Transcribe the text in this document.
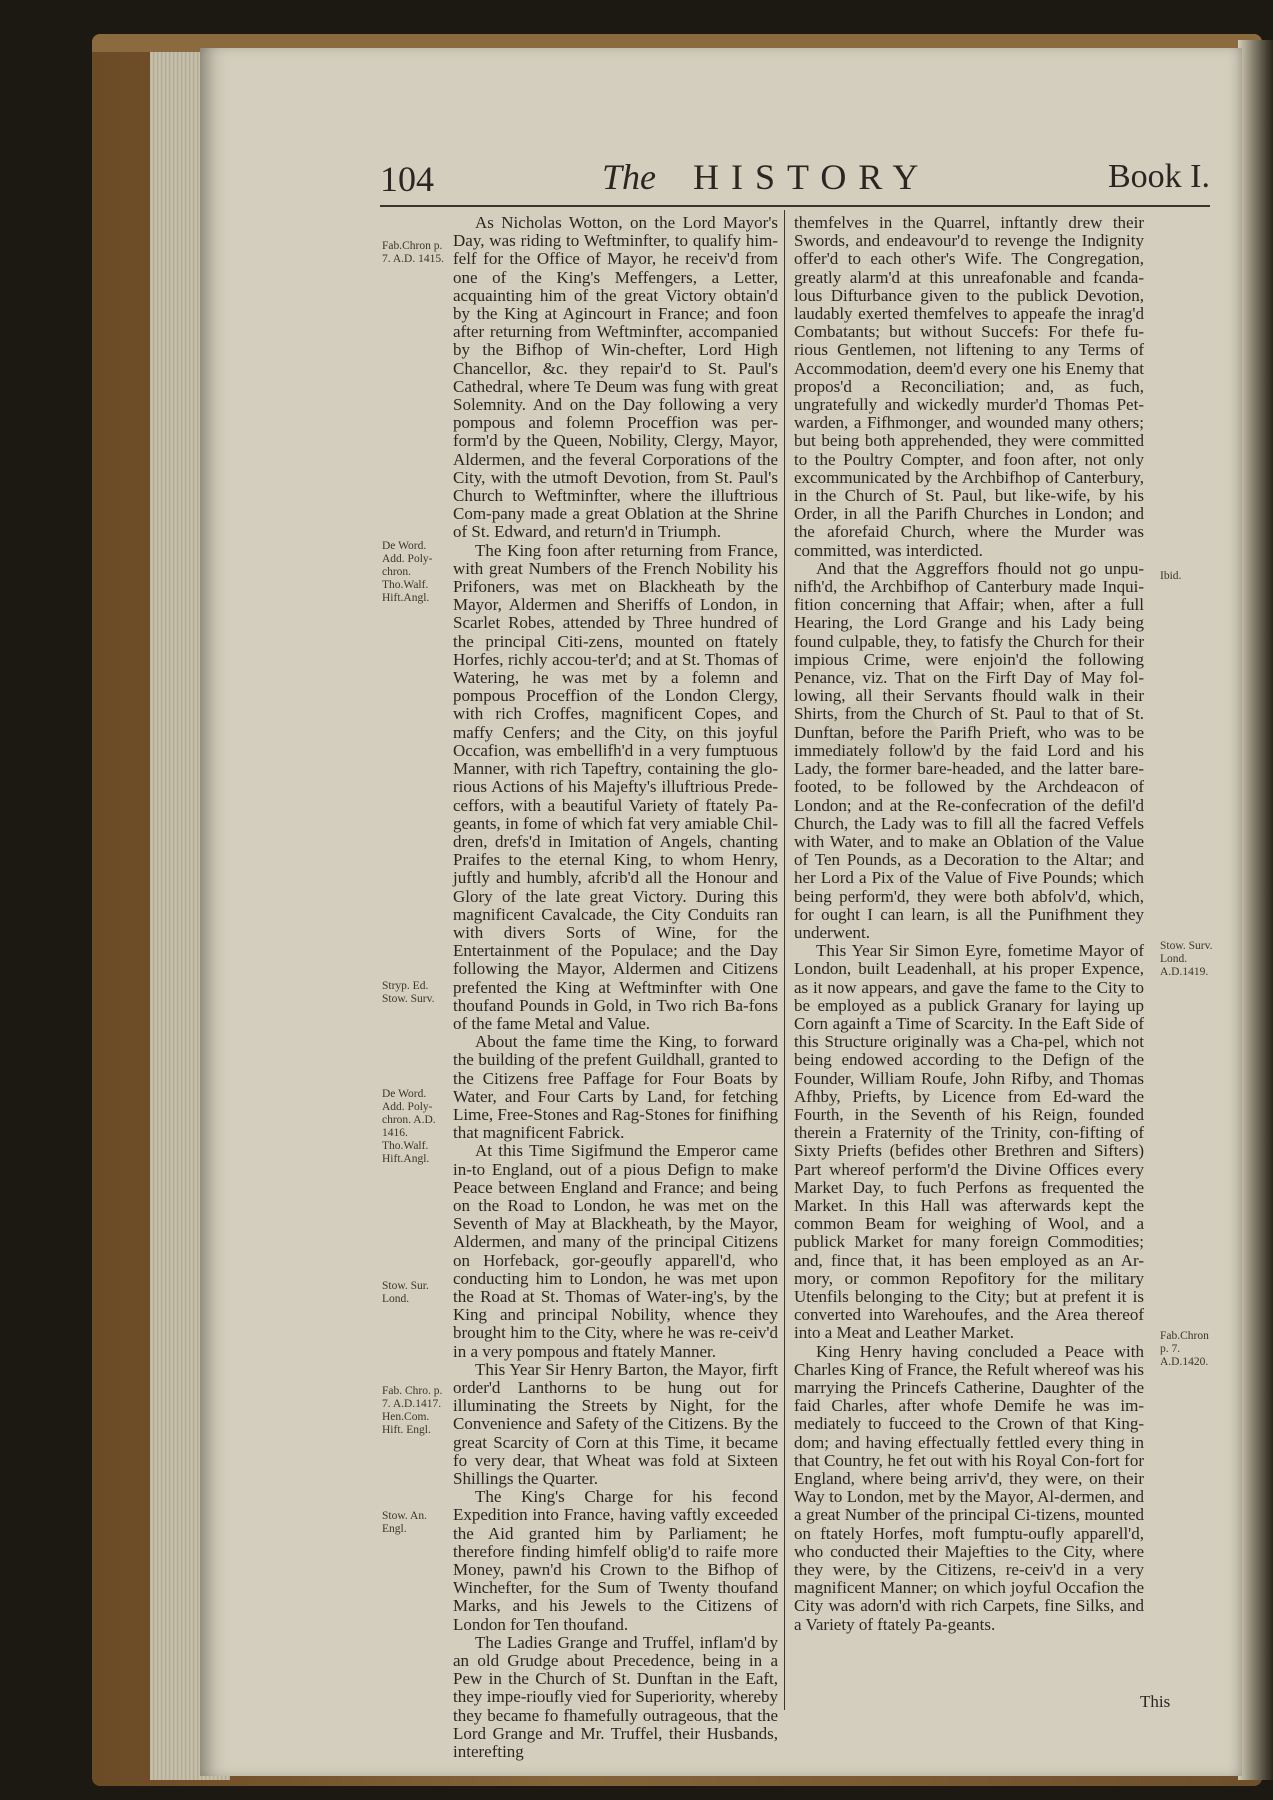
104	The HISTORY	Book I.
Fab.Chron p. 7. A.D. 1415.
De Word. Add. Poly- chron. Tho.Walf. Hift.Angl.
Stryp. Ed. Stow. Surv.
De Word. Add. Poly- chron. A.D. 1416. Tho.Walf. Hift.Angl.
Stow. Sur. Lond.
Fab. Chro. p. 7. A.D.1417. Hen.Com. Hift. Engl.
Stow. An. Engl.

As Nicholas Wotton, on the Lord Mayor's Day, was riding to Weftminfter, to qualify him-felf for the Office of Mayor, he receiv'd from one of the King's Meffengers, a Letter, acquainting him of the great Victory obtain'd by the King at Agincourt in France; and foon after returning from Weftminfter, accompanied by the Bifhop of Win-chefter, Lord High Chancellor, &c. they repair'd to St. Paul's Cathedral, where Te Deum was fung with great Solemnity. And on the Day following a very pompous and folemn Proceffion was per-form'd by the Queen, Nobility, Clergy, Mayor, Aldermen, and the feveral Corporations of the City, with the utmoft Devotion, from St. Paul's Church to Weftminfter, where the illuftrious Com-pany made a great Oblation at the Shrine of St. Edward, and return'd in Triumph.

The King foon after returning from France, with great Numbers of the French Nobility his Prifoners, was met on Blackheath by the Mayor, Aldermen and Sheriffs of London, in Scarlet Robes, attended by Three hundred of the principal Citi-zens, mounted on ftately Horfes, richly accou-ter'd; and at St. Thomas of Watering, he was met by a folemn and pompous Proceffion of the London Clergy, with rich Croffes, magnificent Copes, and maffy Cenfers; and the City, on this joyful Occafion, was embellifh'd in a very fumptuous Manner, with rich Tapeftry, containing the glo-rious Actions of his Majefty's illuftrious Prede-ceffors, with a beautiful Variety of ftately Pa-geants, in fome of which fat very amiable Chil-dren, drefs'd in Imitation of Angels, chanting Praifes to the eternal King, to whom Henry, juftly and humbly, afcrib'd all the Honour and Glory of the late great Victory. During this magnificent Cavalcade, the City Conduits ran with divers Sorts of Wine, for the Entertainment of the Populace; and the Day following the Mayor, Aldermen and Citizens prefented the King at Weftminfter with One thoufand Pounds in Gold, in Two rich Ba-fons of the fame Metal and Value.

About the fame time the King, to forward the building of the prefent Guildhall, granted to the Citizens free Paffage for Four Boats by Water, and Four Carts by Land, for fetching Lime, Free-Stones and Rag-Stones for finifhing that magnificent Fabrick.

At this Time Sigifmund the Emperor came in-to England, out of a pious Defign to make Peace between England and France; and being on the Road to London, he was met on the Seventh of May at Blackheath, by the Mayor, Aldermen, and many of the principal Citizens on Horfeback, gor-geoufly apparell'd, who conducting him to London, he was met upon the Road at St. Thomas of Water-ing's, by the King and principal Nobility, whence they brought him to the City, where he was re-ceiv'd in a very pompous and ftately Manner.

This Year Sir Henry Barton, the Mayor, firft order'd Lanthorns to be hung out for illuminating the Streets by Night, for the Convenience and Safety of the Citizens. By the great Scarcity of Corn at this Time, it became fo very dear, that Wheat was fold at Sixteen Shillings the Quarter.

The King's Charge for his fecond Expedition into France, having vaftly exceeded the Aid granted him by Parliament; he therefore finding himfelf oblig'd to raife more Money, pawn'd his Crown to the Bifhop of Winchefter, for the Sum of Twenty thoufand Marks, and his Jewels to the Citizens of London for Ten thoufand.

The Ladies Grange and Truffel, inflam'd by an old Grudge about Precedence, being in a Pew in the Church of St. Dunftan in the Eaft, they impe-rioufly vied for Superiority, whereby they became fo fhamefully outrageous, that the Lord Grange and Mr. Truffel, their Husbands, interefting

themfelves in the Quarrel, inftantly drew their Swords, and endeavour'd to revenge the Indignity offer'd to each other's Wife. The Congregation, greatly alarm'd at this unreafonable and fcanda-lous Difturbance given to the publick Devotion, laudably exerted themfelves to appeafe the inrag'd Combatants; but without Succefs: For thefe fu-rious Gentlemen, not liftening to any Terms of Accommodation, deem'd every one his Enemy that propos'd a Reconciliation; and, as fuch, ungratefully and wickedly murder'd Thomas Pet-warden, a Fifhmonger, and wounded many others; but being both apprehended, they were committed to the Poultry Compter, and foon after, not only excommunicated by the Archbifhop of Canterbury, in the Church of St. Paul, but like-wife, by his Order, in all the Parifh Churches in London; and the aforefaid Church, where the Murder was committed, was interdicted.

And that the Aggreffors fhould not go unpu-nifh'd, the Archbifhop of Canterbury made Inqui-fition concerning that Affair; when, after a full Hearing, the Lord Grange and his Lady being found culpable, they, to fatisfy the Church for their impious Crime, were enjoin'd the following Penance, viz. That on the Firft Day of May fol-lowing, all their Servants fhould walk in their Shirts, from the Church of St. Paul to that of St. Dunftan, before the Parifh Prieft, who was to be immediately follow'd by the faid Lord and his Lady, the former bare-headed, and the latter bare-footed, to be followed by the Archdeacon of London; and at the Re-confecration of the defil'd Church, the Lady was to fill all the facred Veffels with Water, and to make an Oblation of the Value of Ten Pounds, as a Decoration to the Altar; and her Lord a Pix of the Value of Five Pounds; which being perform'd, they were both abfolv'd, which, for ought I can learn, is all the Punifhment they underwent.

This Year Sir Simon Eyre, fometime Mayor of London, built Leadenhall, at his proper Expence, as it now appears, and gave the fame to the City to be employed as a publick Granary for laying up Corn againft a Time of Scarcity. In the Eaft Side of this Structure originally was a Cha-pel, which not being endowed according to the Defign of the Founder, William Roufe, John Rifby, and Thomas Afhby, Priefts, by Licence from Ed-ward the Fourth, in the Seventh of his Reign, founded therein a Fraternity of the Trinity, con-fifting of Sixty Priefts (befides other Brethren and Sifters) Part whereof perform'd the Divine Offices every Market Day, to fuch Perfons as frequented the Market. In this Hall was afterwards kept the common Beam for weighing of Wool, and a publick Market for many foreign Commodities; and, fince that, it has been employed as an Ar-mory, or common Repofitory for the military Utenfils belonging to the City; but at prefent it is converted into Warehoufes, and the Area thereof into a Meat and Leather Market.

King Henry having concluded a Peace with Charles King of France, the Refult whereof was his marrying the Princefs Catherine, Daughter of the faid Charles, after whofe Demife he was im-mediately to fucceed to the Crown of that King-dom; and having effectually fettled every thing in that Country, he fet out with his Royal Con-fort for England, where being arriv'd, they were, on their Way to London, met by the Mayor, Al-dermen, and a great Number of the principal Ci-tizens, mounted on ftately Horfes, moft fumptu-oufly apparell'd, who conducted their Majefties to the City, where they were, by the Citizens, re-ceiv'd in a very magnificent Manner; on which joyful Occafion the City was adorn'd with rich Carpets, fine Silks, and a Variety of ftately Pa-geants.

Ibid.
Stow. Surv. Lond. A.D.1419.
Fab.Chron p. 7. A.D.1420.
This
